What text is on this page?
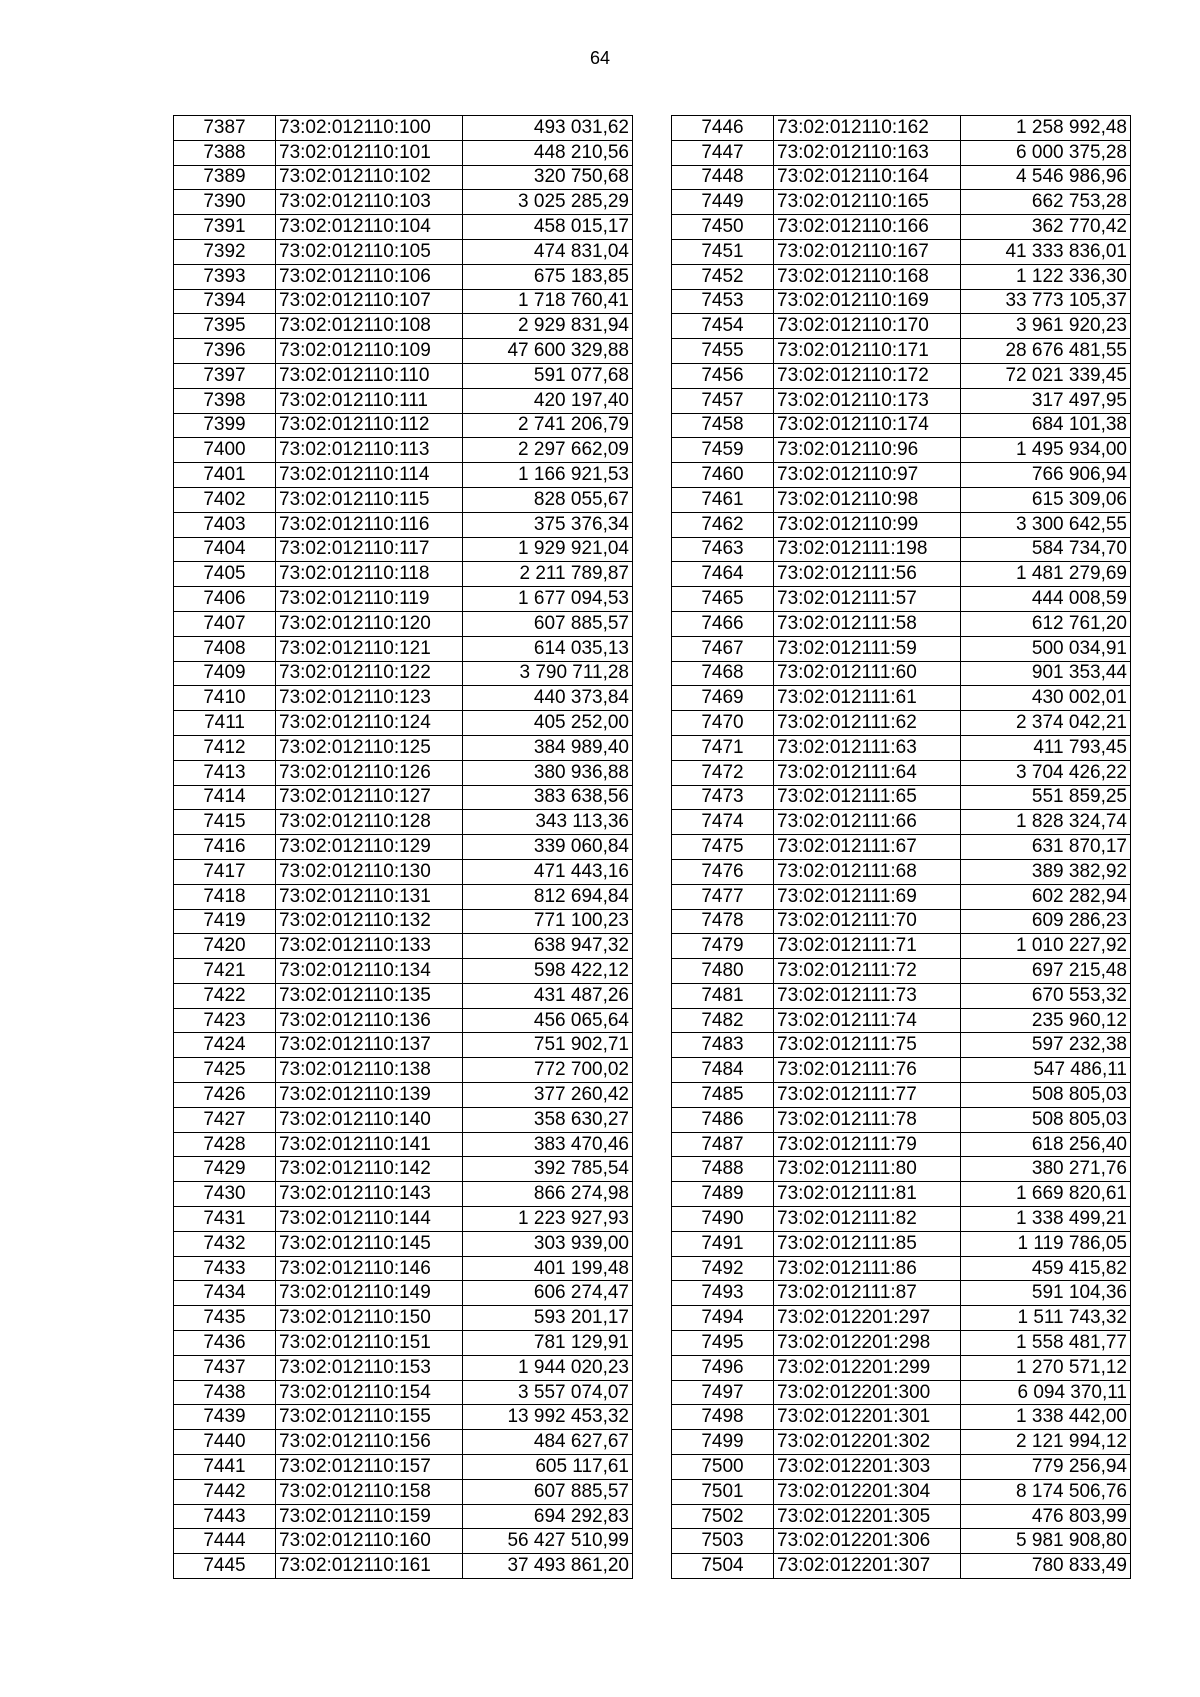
64
7387	73:02:012110:100	493 031,62
7388	73:02:012110:101	448 210,56
7389	73:02:012110:102	320 750,68
7390	73:02:012110:103	3 025 285,29
7391	73:02:012110:104	458 015,17
7392	73:02:012110:105	474 831,04
7393	73:02:012110:106	675 183,85
7394	73:02:012110:107	1 718 760,41
7395	73:02:012110:108	2 929 831,94
7396	73:02:012110:109	47 600 329,88
7397	73:02:012110:110	591 077,68
7398	73:02:012110:111	420 197,40
7399	73:02:012110:112	2 741 206,79
7400	73:02:012110:113	2 297 662,09
7401	73:02:012110:114	1 166 921,53
7402	73:02:012110:115	828 055,67
7403	73:02:012110:116	375 376,34
7404	73:02:012110:117	1 929 921,04
7405	73:02:012110:118	2 211 789,87
7406	73:02:012110:119	1 677 094,53
7407	73:02:012110:120	607 885,57
7408	73:02:012110:121	614 035,13
7409	73:02:012110:122	3 790 711,28
7410	73:02:012110:123	440 373,84
7411	73:02:012110:124	405 252,00
7412	73:02:012110:125	384 989,40
7413	73:02:012110:126	380 936,88
7414	73:02:012110:127	383 638,56
7415	73:02:012110:128	343 113,36
7416	73:02:012110:129	339 060,84
7417	73:02:012110:130	471 443,16
7418	73:02:012110:131	812 694,84
7419	73:02:012110:132	771 100,23
7420	73:02:012110:133	638 947,32
7421	73:02:012110:134	598 422,12
7422	73:02:012110:135	431 487,26
7423	73:02:012110:136	456 065,64
7424	73:02:012110:137	751 902,71
7425	73:02:012110:138	772 700,02
7426	73:02:012110:139	377 260,42
7427	73:02:012110:140	358 630,27
7428	73:02:012110:141	383 470,46
7429	73:02:012110:142	392 785,54
7430	73:02:012110:143	866 274,98
7431	73:02:012110:144	1 223 927,93
7432	73:02:012110:145	303 939,00
7433	73:02:012110:146	401 199,48
7434	73:02:012110:149	606 274,47
7435	73:02:012110:150	593 201,17
7436	73:02:012110:151	781 129,91
7437	73:02:012110:153	1 944 020,23
7438	73:02:012110:154	3 557 074,07
7439	73:02:012110:155	13 992 453,32
7440	73:02:012110:156	484 627,67
7441	73:02:012110:157	605 117,61
7442	73:02:012110:158	607 885,57
7443	73:02:012110:159	694 292,83
7444	73:02:012110:160	56 427 510,99
7445	73:02:012110:161	37 493 861,20
7446	73:02:012110:162	1 258 992,48
7447	73:02:012110:163	6 000 375,28
7448	73:02:012110:164	4 546 986,96
7449	73:02:012110:165	662 753,28
7450	73:02:012110:166	362 770,42
7451	73:02:012110:167	41 333 836,01
7452	73:02:012110:168	1 122 336,30
7453	73:02:012110:169	33 773 105,37
7454	73:02:012110:170	3 961 920,23
7455	73:02:012110:171	28 676 481,55
7456	73:02:012110:172	72 021 339,45
7457	73:02:012110:173	317 497,95
7458	73:02:012110:174	684 101,38
7459	73:02:012110:96	1 495 934,00
7460	73:02:012110:97	766 906,94
7461	73:02:012110:98	615 309,06
7462	73:02:012110:99	3 300 642,55
7463	73:02:012111:198	584 734,70
7464	73:02:012111:56	1 481 279,69
7465	73:02:012111:57	444 008,59
7466	73:02:012111:58	612 761,20
7467	73:02:012111:59	500 034,91
7468	73:02:012111:60	901 353,44
7469	73:02:012111:61	430 002,01
7470	73:02:012111:62	2 374 042,21
7471	73:02:012111:63	411 793,45
7472	73:02:012111:64	3 704 426,22
7473	73:02:012111:65	551 859,25
7474	73:02:012111:66	1 828 324,74
7475	73:02:012111:67	631 870,17
7476	73:02:012111:68	389 382,92
7477	73:02:012111:69	602 282,94
7478	73:02:012111:70	609 286,23
7479	73:02:012111:71	1 010 227,92
7480	73:02:012111:72	697 215,48
7481	73:02:012111:73	670 553,32
7482	73:02:012111:74	235 960,12
7483	73:02:012111:75	597 232,38
7484	73:02:012111:76	547 486,11
7485	73:02:012111:77	508 805,03
7486	73:02:012111:78	508 805,03
7487	73:02:012111:79	618 256,40
7488	73:02:012111:80	380 271,76
7489	73:02:012111:81	1 669 820,61
7490	73:02:012111:82	1 338 499,21
7491	73:02:012111:85	1 119 786,05
7492	73:02:012111:86	459 415,82
7493	73:02:012111:87	591 104,36
7494	73:02:012201:297	1 511 743,32
7495	73:02:012201:298	1 558 481,77
7496	73:02:012201:299	1 270 571,12
7497	73:02:012201:300	6 094 370,11
7498	73:02:012201:301	1 338 442,00
7499	73:02:012201:302	2 121 994,12
7500	73:02:012201:303	779 256,94
7501	73:02:012201:304	8 174 506,76
7502	73:02:012201:305	476 803,99
7503	73:02:012201:306	5 981 908,80
7504	73:02:012201:307	780 833,49
